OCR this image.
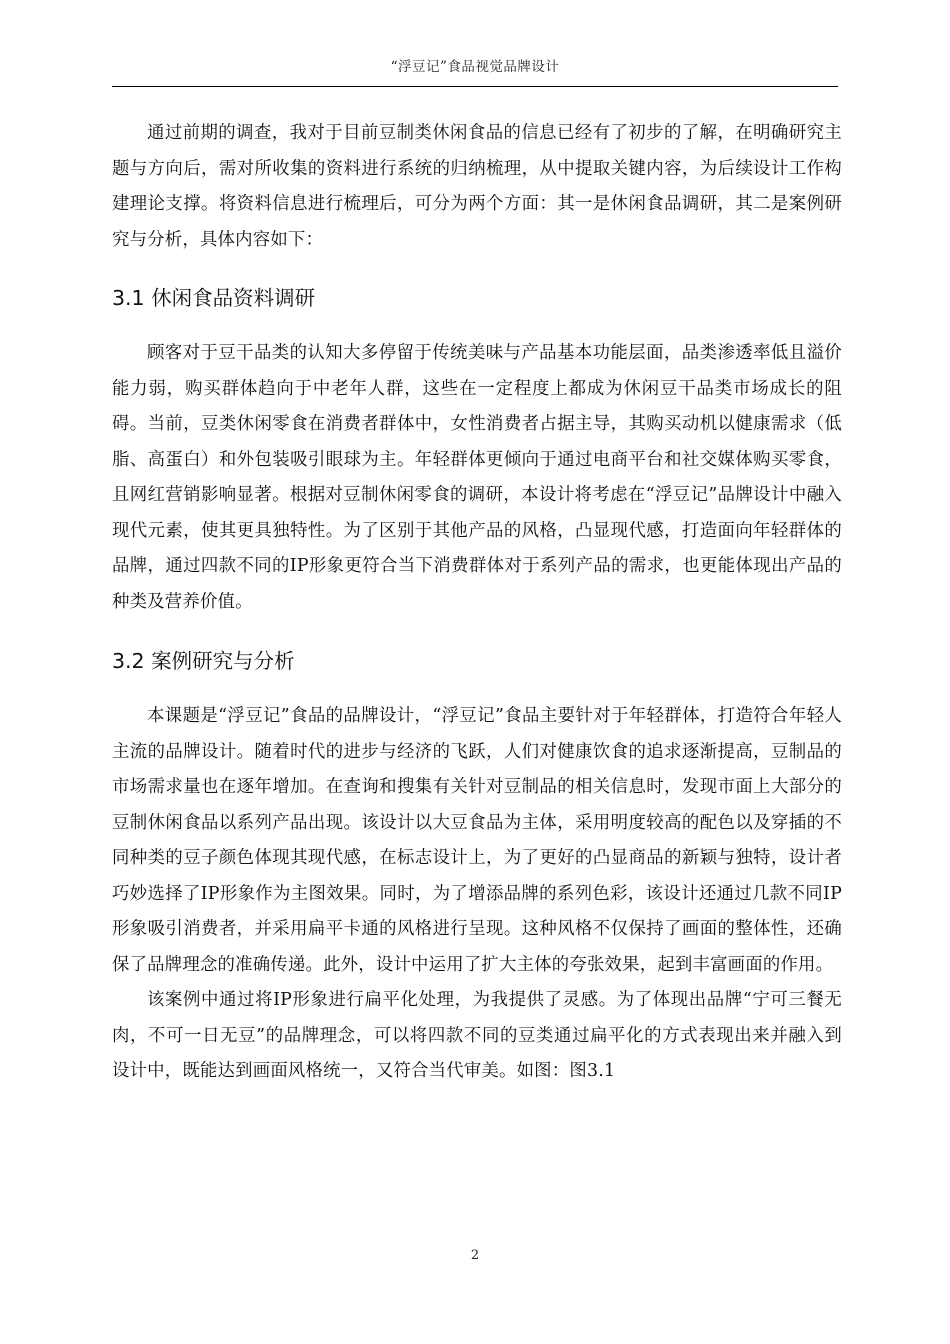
“浮豆记”食品视觉品牌设计

通过前期的调查，我对于目前豆制类休闲食品的信息已经有了初步的了解，在明确研究主题与方向后，需对所收集的资料进行系统的归纳梳理，从中提取关键内容，为后续设计工作构建理论支撑。将资料信息进行梳理后，可分为两个方面：其一是休闲食品调研，其二是案例研究与分析，具体内容如下：

3.1 休闲食品资料调研

顾客对于豆干品类的认知大多停留于传统美味与产品基本功能层面，品类渗透率低且溢价能力弱，购买群体趋向于中老年人群，这些在一定程度上都成为休闲豆干品类市场成长的阻碍。当前，豆类休闲零食在消费者群体中，女性消费者占据主导，其购买动机以健康需求（低脂、高蛋白）和外包装吸引眼球为主。年轻群体更倾向于通过电商平台和社交媒体购买零食，且网红营销影响显著。根据对豆制休闲零食的调研，本设计将考虑在“浮豆记”品牌设计中融入现代元素，使其更具独特性。为了区别于其他产品的风格，凸显现代感，打造面向年轻群体的品牌，通过四款不同的IP形象更符合当下消费群体对于系列产品的需求，也更能体现出产品的种类及营养价值。

3.2 案例研究与分析

本课题是“浮豆记”食品的品牌设计，“浮豆记”食品主要针对于年轻群体，打造符合年轻人主流的品牌设计。随着时代的进步与经济的飞跃，人们对健康饮食的追求逐渐提高，豆制品的市场需求量也在逐年增加。在查询和搜集有关针对豆制品的相关信息时，发现市面上大部分的豆制休闲食品以系列产品出现。该设计以大豆食品为主体，采用明度较高的配色以及穿插的不同种类的豆子颜色体现其现代感，在标志设计上，为了更好的凸显商品的新颖与独特，设计者巧妙选择了IP形象作为主图效果。同时，为了增添品牌的系列色彩，该设计还通过几款不同IP形象吸引消费者，并采用扁平卡通的风格进行呈现。这种风格不仅保持了画面的整体性，还确保了品牌理念的准确传递。此外，设计中运用了扩大主体的夸张效果，起到丰富画面的作用。

该案例中通过将IP形象进行扁平化处理，为我提供了灵感。为了体现出品牌“宁可三餐无肉，不可一日无豆”的品牌理念，可以将四款不同的豆类通过扁平化的方式表现出来并融入到设计中，既能达到画面风格统一，又符合当代审美。如图：图3.1

2
